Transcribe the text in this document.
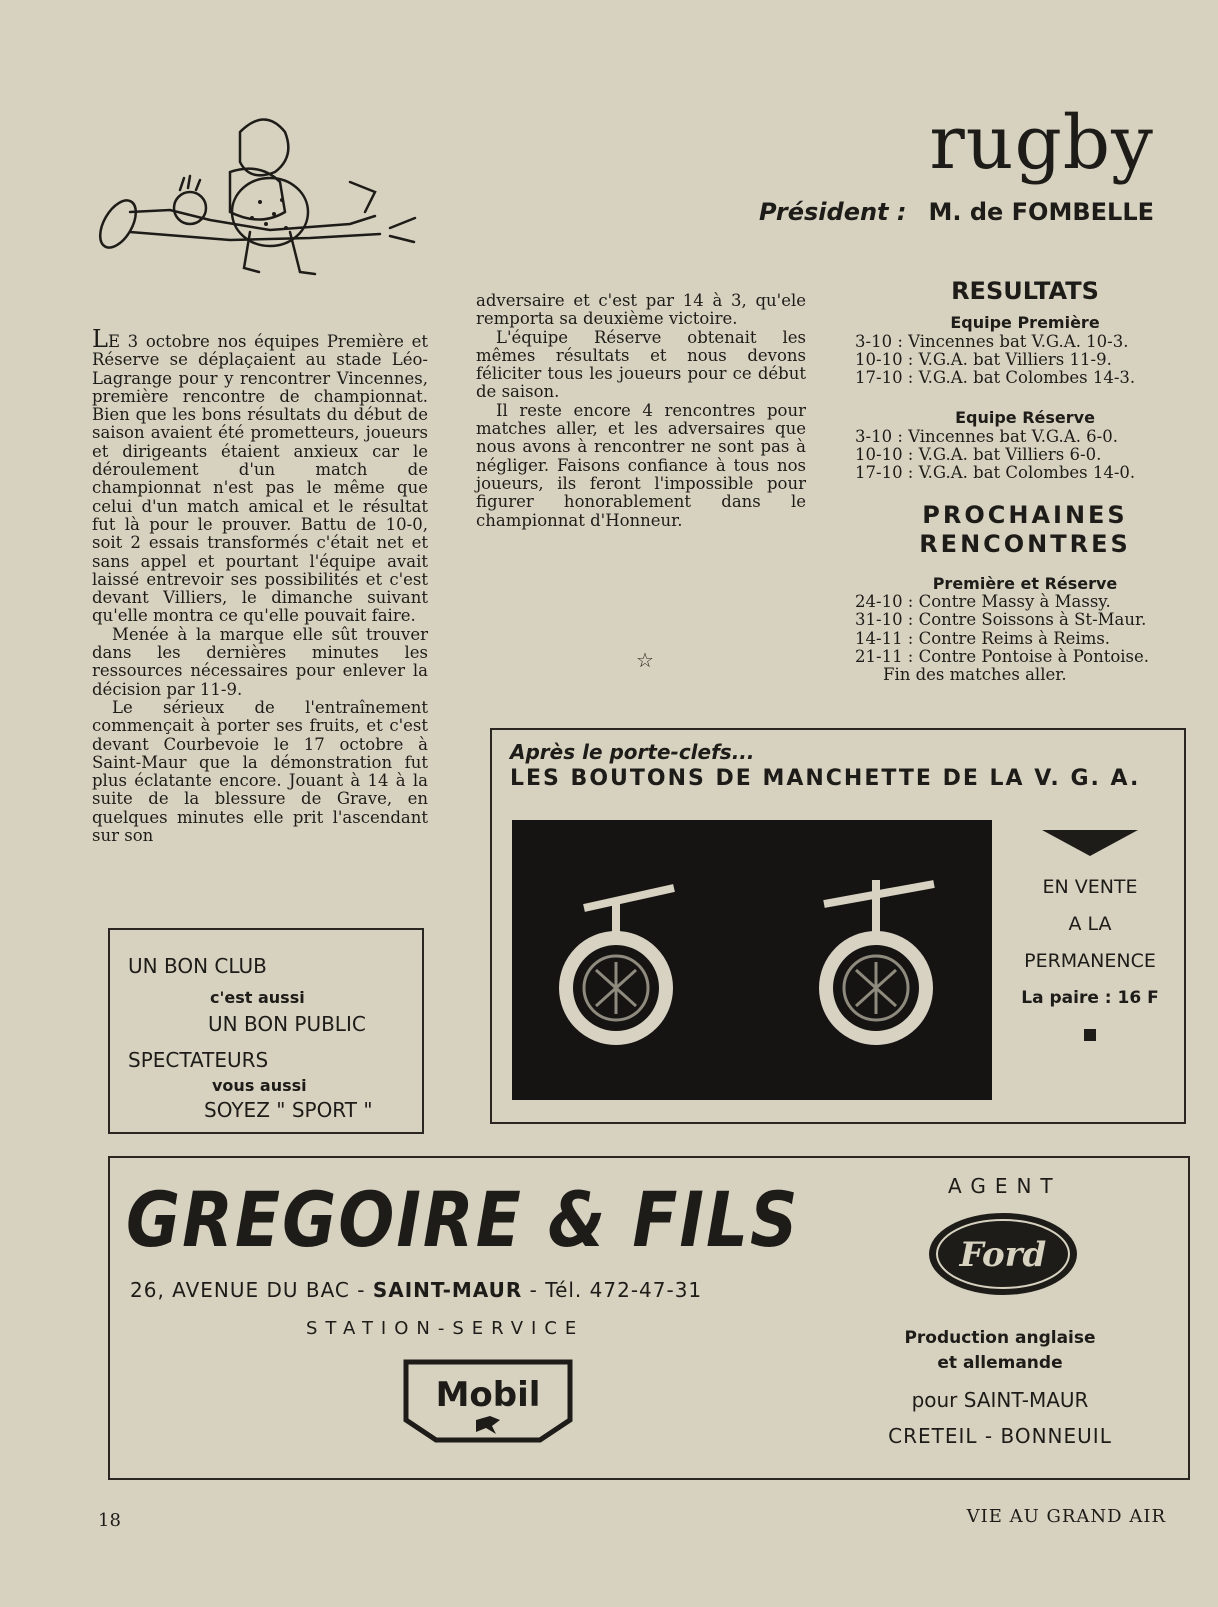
rugby
Président : M. de FOMBELLE

LE 3 octobre nos équipes Première et Réserve se déplaçaient au stade Léo-Lagrange pour y rencontrer Vincennes, première rencontre de championnat. Bien que les bons résultats du début de saison avaient été prometteurs, joueurs et dirigeants étaient anxieux car le déroulement d'un match de championnat n'est pas le même que celui d'un match amical et le résultat fut là pour le prouver. Battu de 10-0, soit 2 essais transformés c'était net et sans appel et pourtant l'équipe avait laissé entrevoir ses possibilités et c'est devant Villiers, le dimanche suivant qu'elle montra ce qu'elle pouvait faire.

Menée à la marque elle sût trouver dans les dernières minutes les ressources nécessaires pour enlever la décision par 11-9.

Le sérieux de l'entraînement commençait à porter ses fruits, et c'est devant Courbevoie le 17 octobre à Saint-Maur que la démonstration fut plus éclatante encore. Jouant à 14 à la suite de la blessure de Grave, en quelques minutes elle prit l'ascendant sur son

adversaire et c'est par 14 à 3, qu'ele remporta sa deuxième victoire.

L'équipe Réserve obtenait les mêmes résultats et nous devons féliciter tous les joueurs pour ce début de saison.

Il reste encore 4 rencontres pour matches aller, et les adversaires que nous avons à rencontrer ne sont pas à négliger. Faisons confiance à tous nos joueurs, ils feront l'impossible pour figurer honorablement dans le championnat d'Honneur.

☆
RESULTATS
Equipe Première
3-10 : Vincennes bat V.G.A. 10-3.
10-10 : V.G.A. bat Villiers 11-9.
17-10 : V.G.A. bat Colombes 14-3.
Equipe Réserve
3-10 : Vincennes bat V.G.A. 6-0.
10-10 : V.G.A. bat Villiers 6-0.
17-10 : V.G.A. bat Colombes 14-0.
PROCHAINES
RENCONTRES
Première et Réserve
24-10 : Contre Massy à Massy.
31-10 : Contre Soissons à St-Maur.
14-11 : Contre Reims à Reims.
21-11 : Contre Pontoise à Pontoise.
Fin des matches aller.
Après le porte-clefs...
LES BOUTONS DE MANCHETTE DE LA V. G. A.
EN VENTE
A LA
PERMANENCE
La paire : 16 F
UN BON CLUB
c'est aussi
UN BON PUBLIC
SPECTATEURS
vous aussi
SOYEZ " SPORT "
GREGOIRE & FILS
26, AVENUE DU BAC - SAINT-MAUR - Tél. 472-47-31
STATION-SERVICE
Mobil
AGENT
Ford
Production anglaise
et allemande
pour SAINT-MAUR
CRETEIL - BONNEUIL
18	VIE AU GRAND AIR
